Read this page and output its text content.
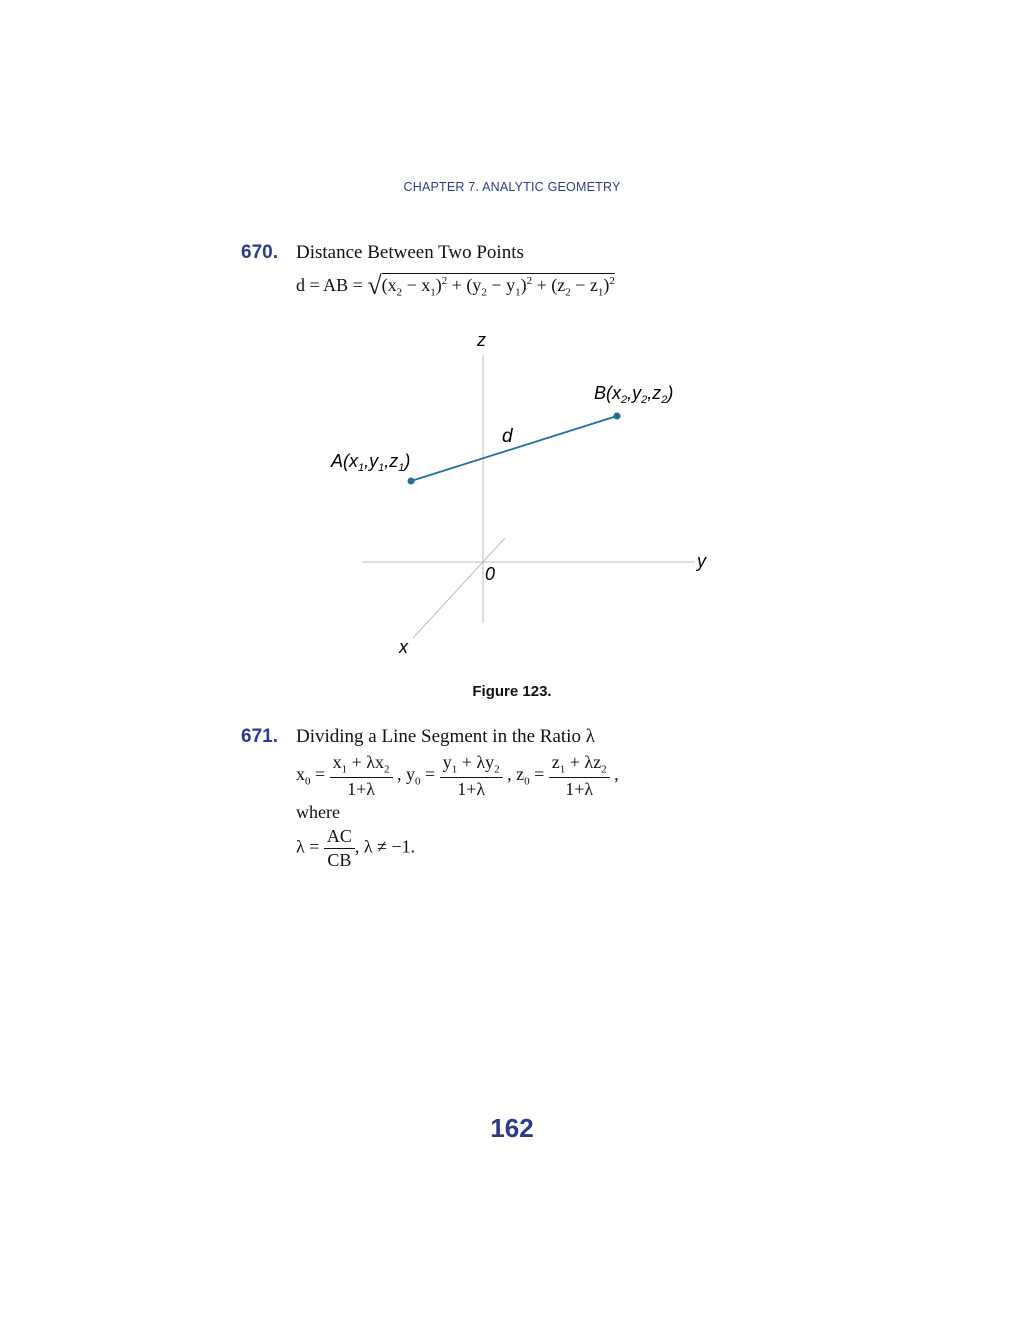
CHAPTER 7. ANALYTIC GEOMETRY
670. Distance Between Two Points
d = AB = $√(x_2 - x_1)^2 + (y_2 - y_1)^2 + (z_2 - z_1)^2$
z
y
x
0
d
$A(x_1,y_1,z_1)$
$B(x_2,y_2,z_2)$
Figure 123.
671. Dividing a Line Segment in the Ratio λ
$x_0 = \frac{x_1 + \lambda x_2}{1+\lambda}$ , $y_0 = \frac{y_1 + \lambda y_2}{1+\lambda}$ , $z_0 = \frac{z_1 + \lambda z_2}{1+\lambda}$ ,
where
$\lambda = \frac{AC}{CB}$ , λ ≠ −1.
162
